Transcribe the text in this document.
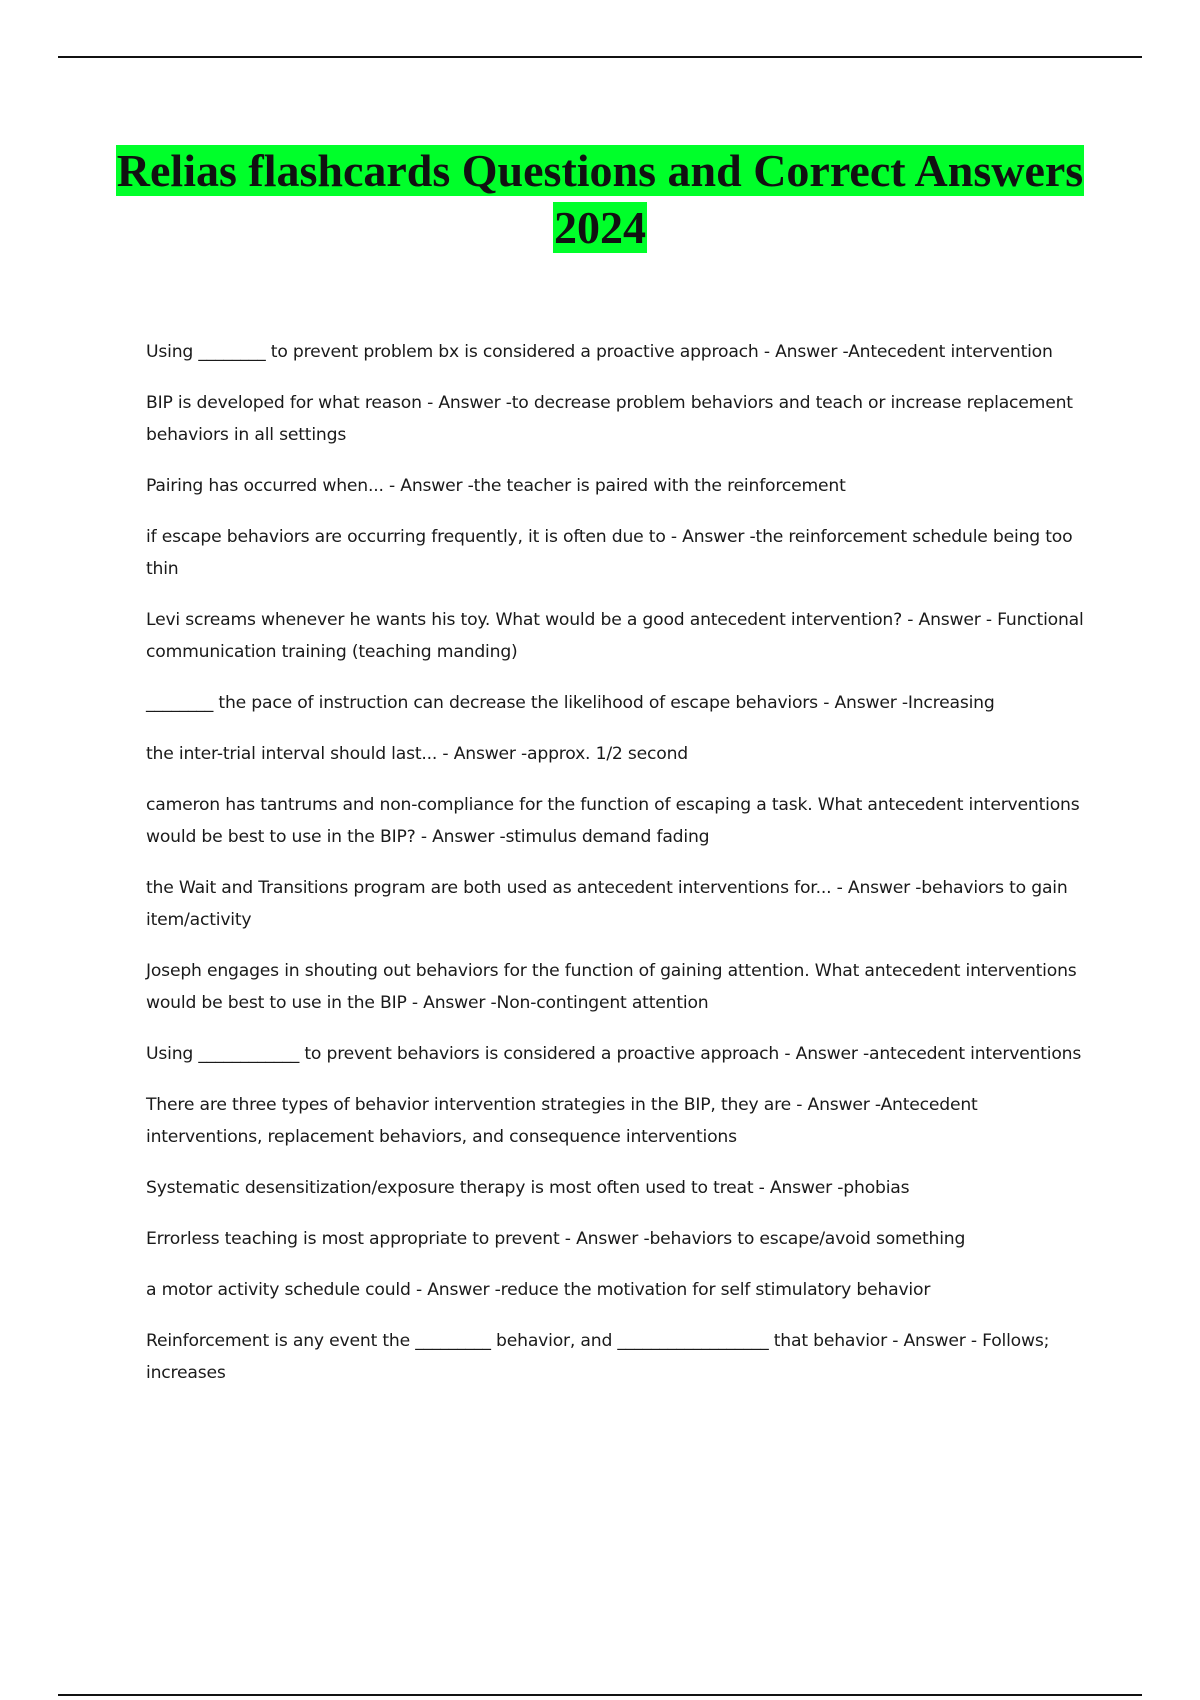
Relias flashcards Questions and Correct Answers 2024
Using ________ to prevent problem bx is considered a proactive approach - Answer -Antecedent intervention
BIP is developed for what reason - Answer -to decrease problem behaviors and teach or increase replacement behaviors in all settings
Pairing has occurred when... - Answer -the teacher is paired with the reinforcement
if escape behaviors are occurring frequently, it is often due to - Answer -the reinforcement schedule being too thin
Levi screams whenever he wants his toy. What would be a good antecedent intervention? - Answer - Functional communication training (teaching manding)
________ the pace of instruction can decrease the likelihood of escape behaviors - Answer -Increasing
the inter-trial interval should last... - Answer -approx. 1/2 second
cameron has tantrums and non-compliance for the function of escaping a task. What antecedent interventions would be best to use in the BIP? - Answer -stimulus demand fading
the Wait and Transitions program are both used as antecedent interventions for... - Answer -behaviors to gain item/activity
Joseph engages in shouting out behaviors for the function of gaining attention. What antecedent interventions would be best to use in the BIP - Answer -Non-contingent attention
Using ____________ to prevent behaviors is considered a proactive approach - Answer -antecedent interventions
There are three types of behavior intervention strategies in the BIP, they are - Answer -Antecedent interventions, replacement behaviors, and consequence interventions
Systematic desensitization/exposure therapy is most often used to treat - Answer -phobias
Errorless teaching is most appropriate to prevent - Answer -behaviors to escape/avoid something
a motor activity schedule could - Answer -reduce the motivation for self stimulatory behavior
Reinforcement is any event the _________ behavior, and __________________ that behavior - Answer - Follows; increases
